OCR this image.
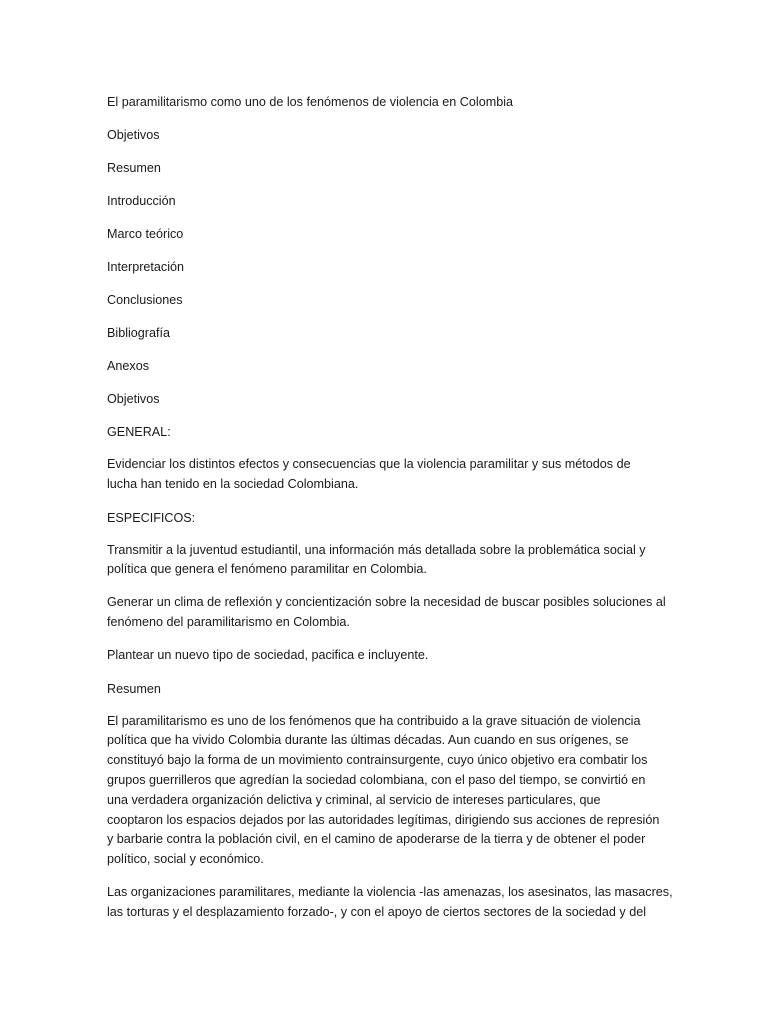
El paramilitarismo como uno de los fenómenos de violencia en Colombia

Objetivos

Resumen

Introducción

Marco teórico

Interpretación

Conclusiones

Bibliografía

Anexos

Objetivos

GENERAL:

Evidenciar los distintos efectos y consecuencias que la violencia paramilitar y sus métodos de
lucha han tenido en la sociedad Colombiana.

ESPECIFICOS:

Transmitir a la juventud estudiantil, una información más detallada sobre la problemática social y
política que genera el fenómeno paramilitar en Colombia.

Generar un clima de reflexión y concientización sobre la necesidad de buscar posibles soluciones al
fenómeno del paramilitarismo en Colombia.

Plantear un nuevo tipo de sociedad, pacifica e incluyente.

Resumen

El paramilitarismo es uno de los fenómenos que ha contribuido a la grave situación de violencia
política que ha vivido Colombia durante las últimas décadas. Aun cuando en sus orígenes, se
constituyó bajo la forma de un movimiento contrainsurgente, cuyo único objetivo era combatir los
grupos guerrilleros que agredían la sociedad colombiana, con el paso del tiempo, se convirtió en
una verdadera organización delictiva y criminal, al servicio de intereses particulares, que
cooptaron los espacios dejados por las autoridades legítimas, dirigiendo sus acciones de represión
y barbarie contra la población civil, en el camino de apoderarse de la tierra y de obtener el poder
político, social y económico.

Las organizaciones paramilitares, mediante la violencia -las amenazas, los asesinatos, las masacres,
las torturas y el desplazamiento forzado-, y con el apoyo de ciertos sectores de la sociedad y del
